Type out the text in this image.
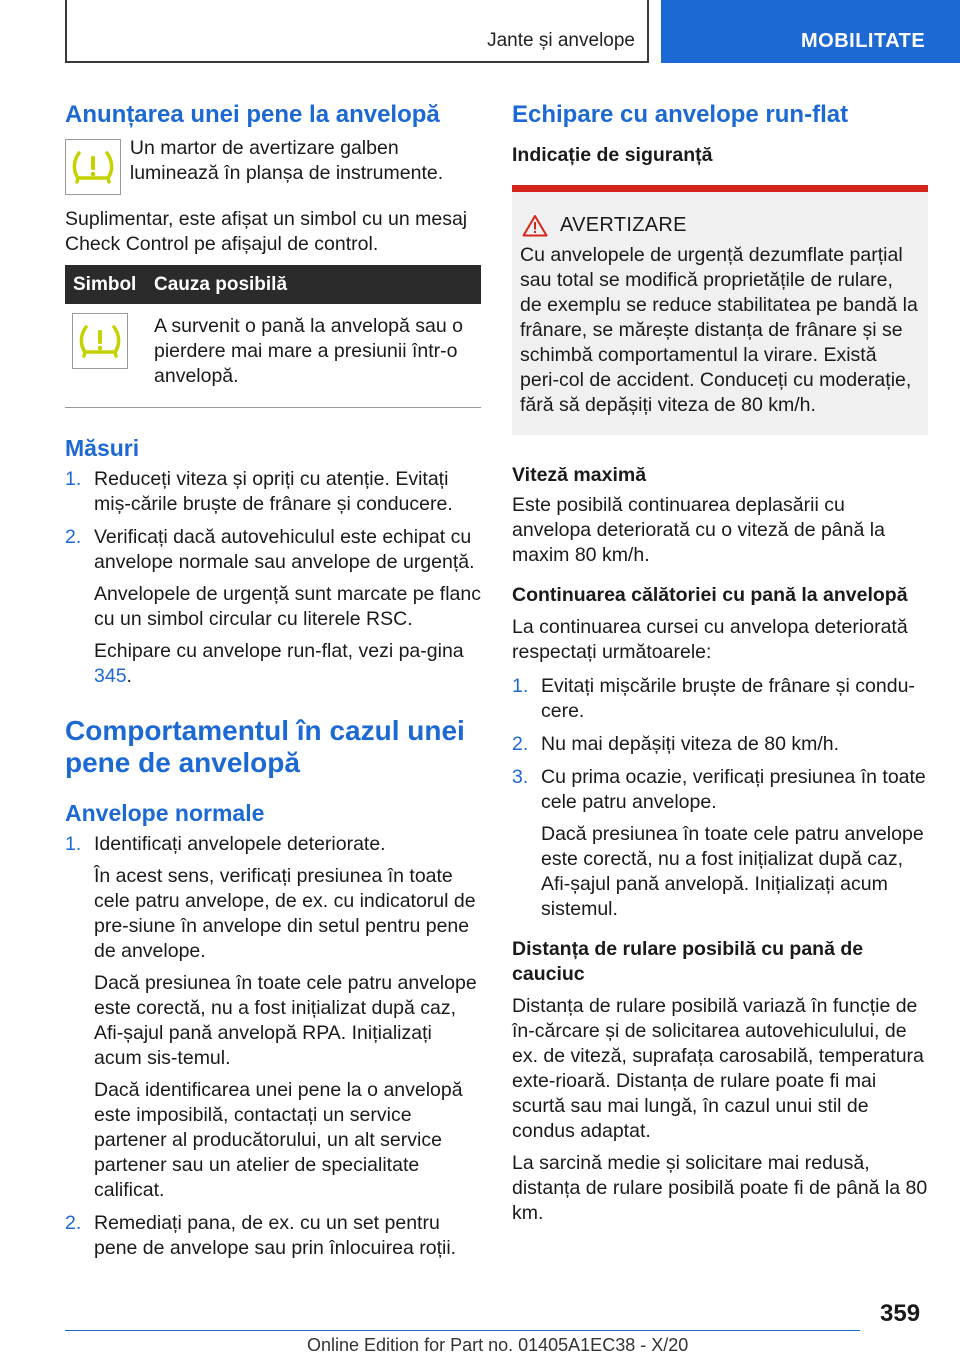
Jante și anvelope	MOBILITATE
Anunțarea unei pene la anvelopă

Un martor de avertizare galben luminează în planșa de instrumente.

Suplimentar, este afișat un simbol cu un mesaj Check Control pe afișajul de control.

Simbol	Cauza posibilă

	A survenit o pană la anvelopă sau o pierdere mai mare a presiunii într-o anvelopă.
Măsuri
1. Reduceți viteza și opriți cu atenție. Evitați miș-cările bruște de frânare și conducere.
2. Verificați dacă autovehiculul este echipat cu anvelope normale sau anvelope de urgență.

Anvelopele de urgență sunt marcate pe flanc cu un simbol circular cu literele RSC.

Echipare cu anvelope run-flat, vezi pa-gina 345.

Comportamentul în cazul unei pene de anvelopă
Anvelope normale
1. Identificați anvelopele deteriorate.

În acest sens, verificați presiunea în toate cele patru anvelope, de ex. cu indicatorul de pre-siune în anvelope din setul pentru pene de anvelope.

Dacă presiunea în toate cele patru anvelope este corectă, nu a fost inițializat după caz, Afi-șajul pană anvelopă RPA. Inițializați acum sis-temul.

Dacă identificarea unei pene la o anvelopă este imposibilă, contactați un service partener al producătorului, un alt service partener sau un atelier de specialitate calificat.

2. Remediați pana, de ex. cu un set pentru pene de anvelope sau prin înlocuirea roții.
Echipare cu anvelope run-flat
Indicație de siguranță
AVERTIZARE

Cu anvelopele de urgență dezumflate parțial sau total se modifică proprietățile de rulare, de exemplu se reduce stabilitatea pe bandă la frânare, se mărește distanța de frânare și se schimbă comportamentul la virare. Există peri-col de accident. Conduceți cu moderație, fără să depășiți viteza de 80 km/h.

Viteză maximă

Este posibilă continuarea deplasării cu anvelopa deteriorată cu o viteză de până la maxim 80 km/h.

Continuarea călătoriei cu pană la anvelopă

La continuarea cursei cu anvelopa deteriorată respectați următoarele:

1. Evitați mișcările bruște de frânare și condu-cere.
2. Nu mai depășiți viteza de 80 km/h.
3. Cu prima ocazie, verificați presiunea în toate cele patru anvelope.

Dacă presiunea în toate cele patru anvelope este corectă, nu a fost inițializat după caz, Afi-șajul pană anvelopă. Inițializați acum sistemul.

Distanța de rulare posibilă cu pană de cauciuc

Distanța de rulare posibilă variază în funcție de în-cărcare și de solicitarea autovehiculului, de ex. de viteză, suprafața carosabilă, temperatura exte-rioară. Distanța de rulare poate fi mai scurtă sau mai lungă, în cazul unui stil de condus adaptat.

La sarcină medie și solicitare mai redusă, distanța de rulare posibilă poate fi de până la 80 km.

359
Online Edition for Part no. 01405A1EC38 - X/20
